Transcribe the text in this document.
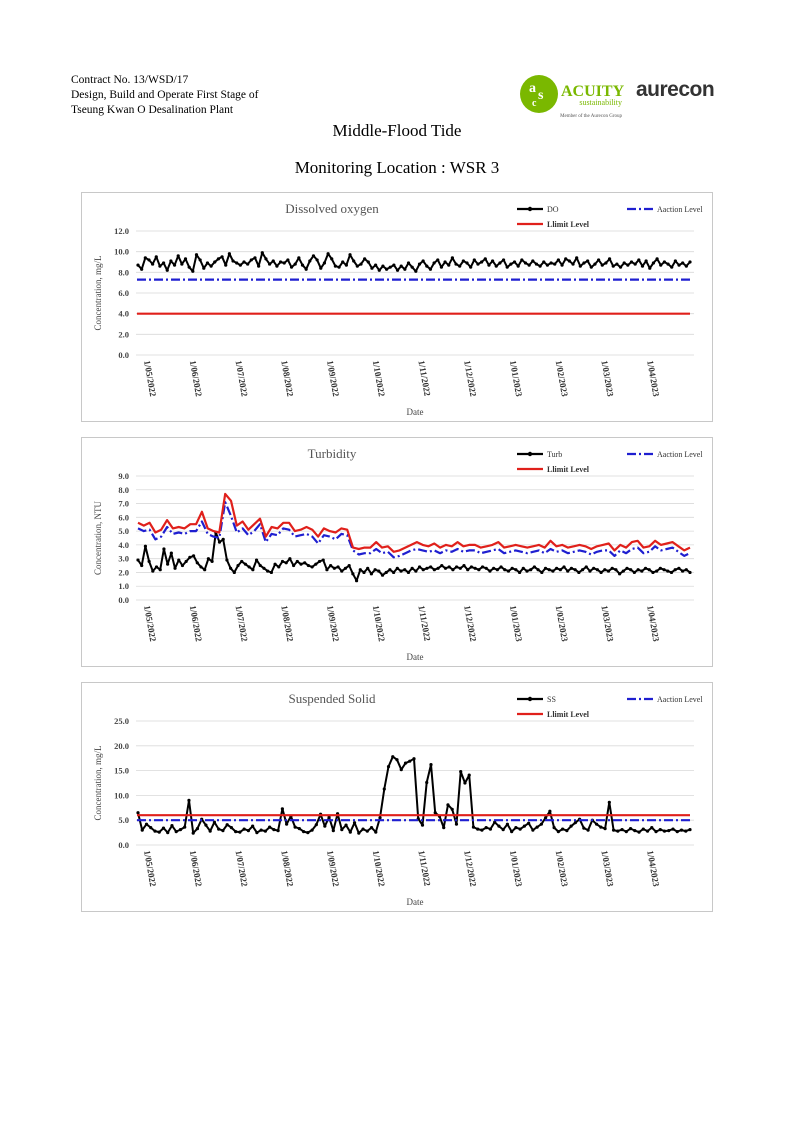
Contract No. 13/WSD/17
Design, Build and Operate First Stage of
Tseung Kwan O Desalination Plant
a s
c
ACUITY
sustainability
Member of the Aurecon Group
aurecon
Middle-Flood Tide
Monitoring Location : WSR 3
Dissolved oxygen
0.0
2.0
4.0
6.0
8.0
10.0
12.0
Concentration, mg/L
Date
1/05/2022	1/06/2022	1/07/2022	1/08/2022	1/09/2022	1/10/2022	1/11/2022	1/12/2022	1/01/2023	1/02/2023	1/03/2023	1/04/2023
DO	Aaction Level
Llimit Level
Turbidity
0.0
1.0
2.0
3.0
4.0
5.0
6.0
7.0
8.0
9.0
Concentration, NTU
Date
1/05/2022	1/06/2022	1/07/2022	1/08/2022	1/09/2022	1/10/2022	1/11/2022	1/12/2022	1/01/2023	1/02/2023	1/03/2023	1/04/2023
Turb	Aaction Level
Llimit Level
Suspended Solid
0.0
5.0
10.0
15.0
20.0
25.0
Concentration, mg/L
Date
1/05/2022	1/06/2022	1/07/2022	1/08/2022	1/09/2022	1/10/2022	1/11/2022	1/12/2022	1/01/2023	1/02/2023	1/03/2023	1/04/2023
SS	Aaction Level
Llimit Level
